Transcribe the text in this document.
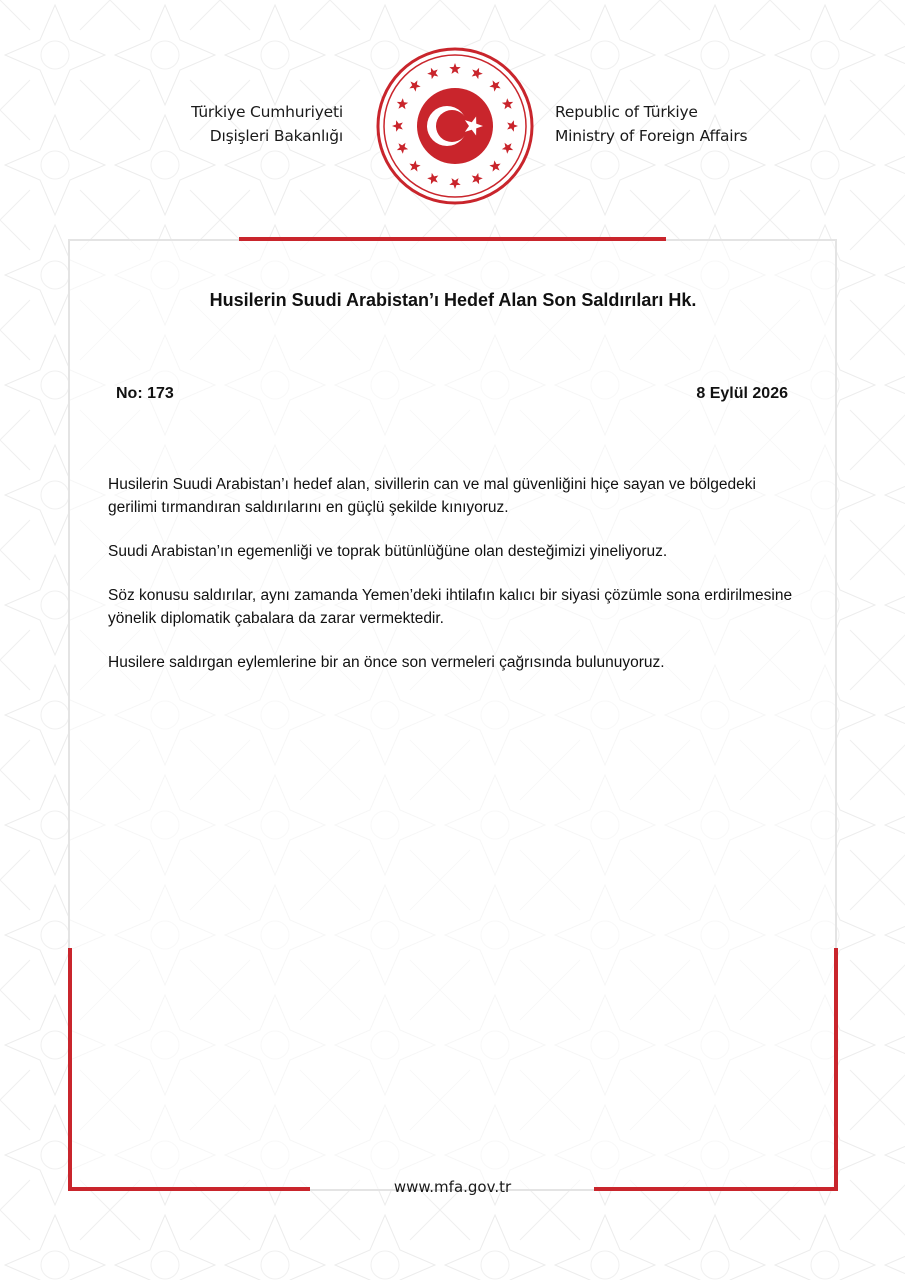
Türkiye Cumhuriyeti
Dışişleri Bakanlığı
Republic of Türkiye
Ministry of Foreign Affairs
Husilerin Suudi Arabistan’ı Hedef Alan Son Saldırıları Hk.
No: 173	8 Eylül 2026

Husilerin Suudi Arabistan’ı hedef alan, sivillerin can ve mal güvenliğini hiçe sayan ve bölgedeki gerilimi tırmandıran saldırılarını en güçlü şekilde kınıyoruz.

Suudi Arabistan’ın egemenliği ve toprak bütünlüğüne olan desteğimizi yineliyoruz.

Söz konusu saldırılar, aynı zamanda Yemen’deki ihtilafın kalıcı bir siyasi çözümle sona erdirilmesine yönelik diplomatik çabalara da zarar vermektedir.

Husilere saldırgan eylemlerine bir an önce son vermeleri çağrısında bulunuyoruz.

www.mfa.gov.tr
